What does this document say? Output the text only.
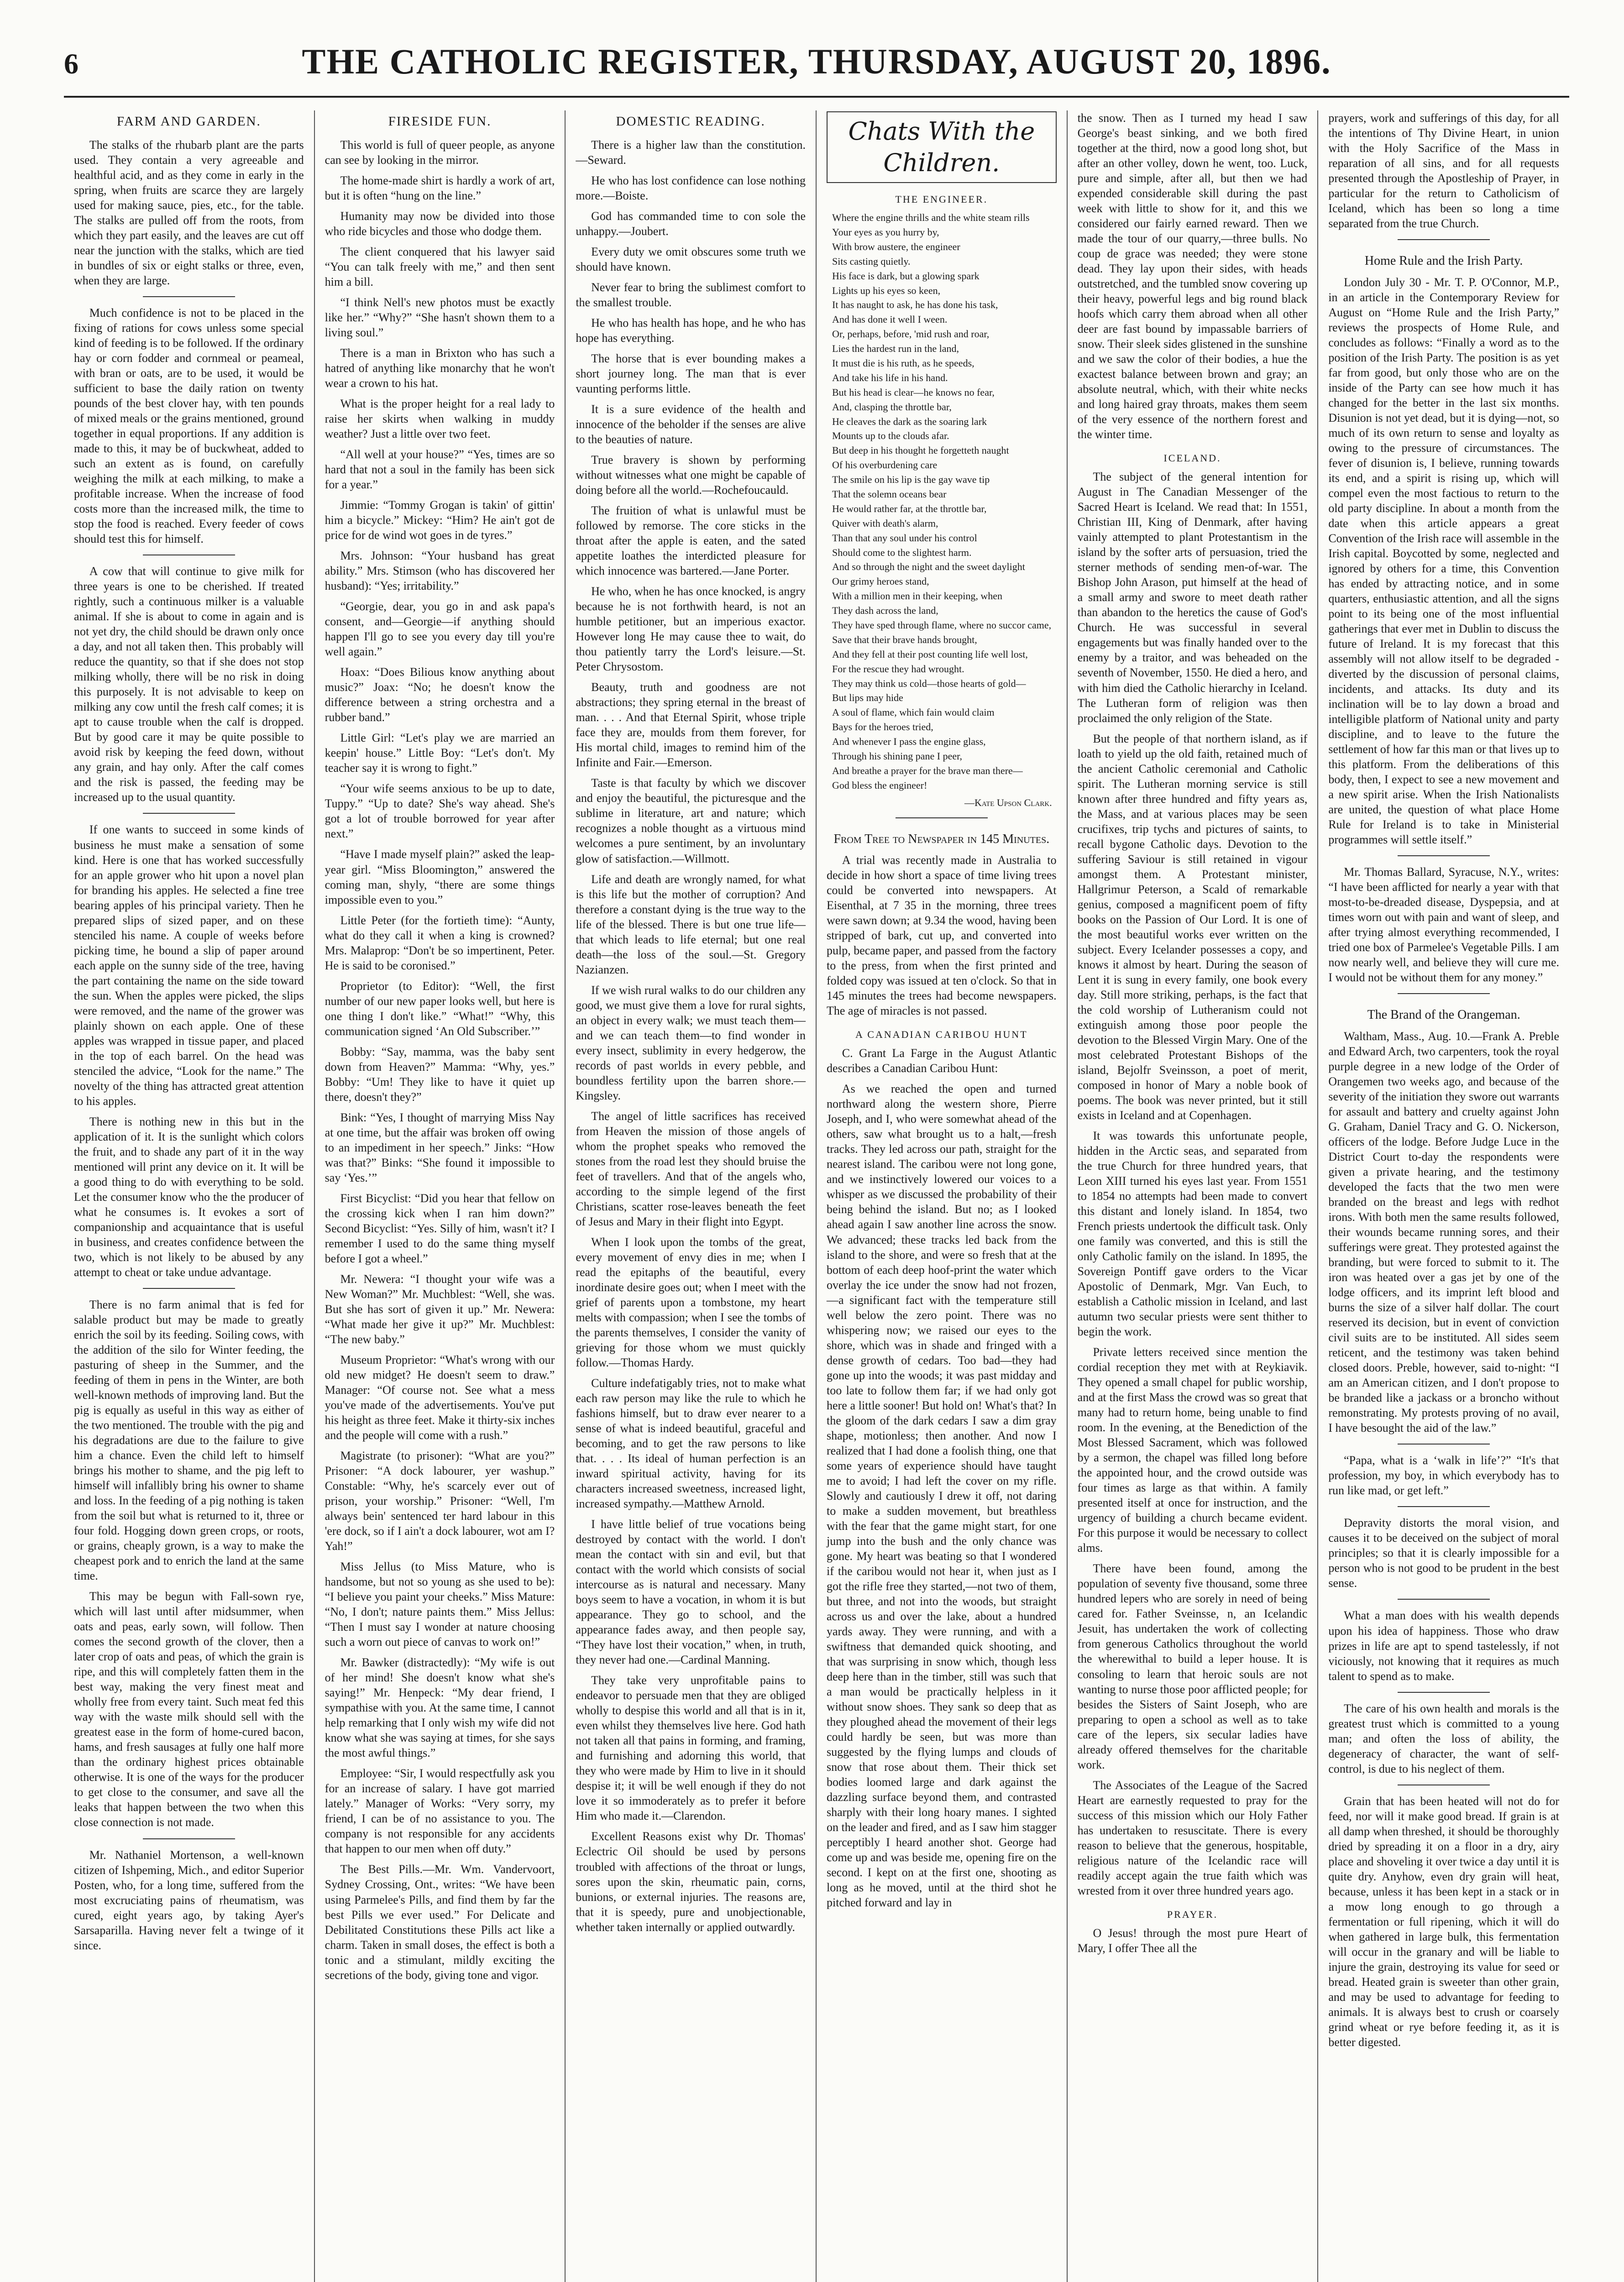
6	THE CATHOLIC REGISTER, THURSDAY, AUGUST 20, 1896.
FARM AND GARDEN.

The stalks of the rhubarb plant are the parts used. They contain a very agreeable and healthful acid, and as they come in early in the spring, when fruits are scarce they are largely used for making sauce, pies, etc., for the table. The stalks are pulled off from the roots, from which they part easily, and the leaves are cut off near the junction with the stalks, which are tied in bundles of six or eight stalks or three, even, when they are large.

Much confidence is not to be placed in the fixing of rations for cows unless some special kind of feeding is to be followed. If the ordinary hay or corn fodder and cornmeal or peameal, with bran or oats, are to be used, it would be sufficient to base the daily ration on twenty pounds of the best clover hay, with ten pounds of mixed meals or the grains mentioned, ground together in equal proportions. If any addition is made to this, it may be of buckwheat, added to such an extent as is found, on carefully weighing the milk at each milking, to make a profitable increase. When the increase of food costs more than the increased milk, the time to stop the food is reached. Every feeder of cows should test this for himself.

A cow that will continue to give milk for three years is one to be cherished. If treated rightly, such a continuous milker is a valuable animal. If she is about to come in again and is not yet dry, the child should be drawn only once a day, and not all taken then. This probably will reduce the quantity, so that if she does not stop milking wholly, there will be no risk in doing this purposely. It is not advisable to keep on milking any cow until the fresh calf comes; it is apt to cause trouble when the calf is dropped. But by good care it may be quite possible to avoid risk by keeping the feed down, without any grain, and hay only. After the calf comes and the risk is passed, the feeding may be increased up to the usual quantity.

If one wants to succeed in some kinds of business he must make a sensation of some kind. Here is one that has worked successfully for an apple grower who hit upon a novel plan for branding his apples. He selected a fine tree bearing apples of his principal variety. Then he prepared slips of sized paper, and on these stenciled his name. A couple of weeks before picking time, he bound a slip of paper around each apple on the sunny side of the tree, having the part containing the name on the side toward the sun. When the apples were picked, the slips were removed, and the name of the grower was plainly shown on each apple. One of these apples was wrapped in tissue paper, and placed in the top of each barrel. On the head was stenciled the advice, “Look for the name.” The novelty of the thing has attracted great attention to his apples.

There is nothing new in this but in the application of it. It is the sunlight which colors the fruit, and to shade any part of it in the way mentioned will print any device on it. It will be a good thing to do with everything to be sold. Let the consumer know who the the producer of what he consumes is. It evokes a sort of companionship and acquaintance that is useful in business, and creates confidence between the two, which is not likely to be abused by any attempt to cheat or take undue advantage.

There is no farm animal that is fed for salable product but may be made to greatly enrich the soil by its feeding. Soiling cows, with the addition of the silo for Winter feeding, the pasturing of sheep in the Summer, and the feeding of them in pens in the Winter, are both well-known methods of improving land. But the pig is equally as useful in this way as either of the two mentioned. The trouble with the pig and his degradations are due to the failure to give him a chance. Even the child left to himself brings his mother to shame, and the pig left to himself will infallibly bring his owner to shame and loss. In the feeding of a pig nothing is taken from the soil but what is returned to it, three or four fold. Hogging down green crops, or roots, or grains, cheaply grown, is a way to make the cheapest pork and to enrich the land at the same time.

This may be begun with Fall-sown rye, which will last until after midsummer, when oats and peas, early sown, will follow. Then comes the second growth of the clover, then a later crop of oats and peas, of which the grain is ripe, and this will completely fatten them in the best way, making the very finest meat and wholly free from every taint. Such meat fed this way with the waste milk should sell with the greatest ease in the form of home-cured bacon, hams, and fresh sausages at fully one half more than the ordinary highest prices obtainable otherwise. It is one of the ways for the producer to get close to the consumer, and save all the leaks that happen between the two when this close connection is not made.

Mr. Nathaniel Mortenson, a well-known citizen of Ishpeming, Mich., and editor Superior Posten, who, for a long time, suffered from the most excruciating pains of rheumatism, was cured, eight years ago, by taking Ayer's Sarsaparilla. Having never felt a twinge of it since.

FIRESIDE FUN.

This world is full of queer people, as anyone can see by looking in the mirror.

The home-made shirt is hardly a work of art, but it is often “hung on the line.”

Humanity may now be divided into those who ride bicycles and those who dodge them.

The client conquered that his lawyer said “You can talk freely with me,” and then sent him a bill.

“I think Nell's new photos must be exactly like her.” “Why?” “She hasn't shown them to a living soul.”

There is a man in Brixton who has such a hatred of anything like monarchy that he won't wear a crown to his hat.

What is the proper height for a real lady to raise her skirts when walking in muddy weather? Just a little over two feet.

“All well at your house?” “Yes, times are so hard that not a soul in the family has been sick for a year.”

Jimmie: “Tommy Grogan is takin' of gittin' him a bicycle.” Mickey: “Him? He ain't got de price for de wind wot goes in de tyres.”

Mrs. Johnson: “Your husband has great ability.” Mrs. Stimson (who has discovered her husband): “Yes; irritability.”

“Georgie, dear, you go in and ask papa's consent, and—Georgie—if anything should happen I'll go to see you every day till you're well again.”

Hoax: “Does Bilious know anything about music?” Joax: “No; he doesn't know the difference between a string orchestra and a rubber band.”

Little Girl: “Let's play we are married an keepin' house.” Little Boy: “Let's don't. My teacher say it is wrong to fight.”

“Your wife seems anxious to be up to date, Tuppy.” “Up to date? She's way ahead. She's got a lot of trouble borrowed for year after next.”

“Have I made myself plain?” asked the leap-year girl. “Miss Bloomington,” answered the coming man, shyly, “there are some things impossible even to you.”

Little Peter (for the fortieth time): “Aunty, what do they call it when a king is crowned? Mrs. Malaprop: “Don't be so impertinent, Peter. He is said to be coronised.”

Proprietor (to Editor): “Well, the first number of our new paper looks well, but here is one thing I don't like.” “What!” “Why, this communication signed ‘An Old Subscriber.’”

Bobby: “Say, mamma, was the baby sent down from Heaven?” Mamma: “Why, yes.” Bobby: “Um! They like to have it quiet up there, doesn't they?”

Bink: “Yes, I thought of marrying Miss Nay at one time, but the affair was broken off owing to an impediment in her speech.” Jinks: “How was that?” Binks: “She found it impossible to say ‘Yes.’”

First Bicyclist: “Did you hear that fellow on the crossing kick when I ran him down?” Second Bicyclist: “Yes. Silly of him, wasn't it? I remember I used to do the same thing myself before I got a wheel.”

Mr. Newera: “I thought your wife was a New Woman?” Mr. Muchblest: “Well, she was. But she has sort of given it up.” Mr. Newera: “What made her give it up?” Mr. Muchblest: “The new baby.”

Museum Proprietor: “What's wrong with our old new midget? He doesn't seem to draw.” Manager: “Of course not. See what a mess you've made of the advertisements. You've put his height as three feet. Make it thirty-six inches and the people will come with a rush.”

Magistrate (to prisoner): “What are you?” Prisoner: “A dock labourer, yer washup.” Constable: “Why, he's scarcely ever out of prison, your worship.” Prisoner: “Well, I'm always bein' sentenced ter hard labour in this 'ere dock, so if I ain't a dock labourer, wot am I? Yah!”

Miss Jellus (to Miss Mature, who is handsome, but not so young as she used to be): “I believe you paint your cheeks.” Miss Mature: “No, I don't; nature paints them.” Miss Jellus: “Then I must say I wonder at nature choosing such a worn out piece of canvas to work on!”

Mr. Bawker (distractedly): “My wife is out of her mind! She doesn't know what she's saying!” Mr. Henpeck: “My dear friend, I sympathise with you. At the same time, I cannot help remarking that I only wish my wife did not know what she was saying at times, for she says the most awful things.”

Employee: “Sir, I would respectfully ask you for an increase of salary. I have got married lately.” Manager of Works: “Very sorry, my friend, I can be of no assistance to you. The company is not responsible for any accidents that happen to our men when off duty.”

The Best Pills.—Mr. Wm. Vandervoort, Sydney Crossing, Ont., writes: “We have been using Parmelee's Pills, and find them by far the best Pills we ever used.” For Delicate and Debilitated Constitutions these Pills act like a charm. Taken in small doses, the effect is both a tonic and a stimulant, mildly exciting the secretions of the body, giving tone and vigor.

DOMESTIC READING.

There is a higher law than the constitution.—Seward.

He who has lost confidence can lose nothing more.—Boiste.

God has commanded time to con sole the unhappy.—Joubert.

Every duty we omit obscures some truth we should have known.

Never fear to bring the sublimest comfort to the smallest trouble.

He who has health has hope, and he who has hope has everything.

The horse that is ever bounding makes a short journey long. The man that is ever vaunting performs little.

It is a sure evidence of the health and innocence of the beholder if the senses are alive to the beauties of nature.

True bravery is shown by performing without witnesses what one might be capable of doing before all the world.—Rochefoucauld.

The fruition of what is unlawful must be followed by remorse. The core sticks in the throat after the apple is eaten, and the sated appetite loathes the interdicted pleasure for which innocence was bartered.—Jane Porter.

He who, when he has once knocked, is angry because he is not forthwith heard, is not an humble petitioner, but an imperious exactor. However long He may cause thee to wait, do thou patiently tarry the Lord's leisure.—St. Peter Chrysostom.

Beauty, truth and goodness are not abstractions; they spring eternal in the breast of man. . . . And that Eternal Spirit, whose triple face they are, moulds from them forever, for His mortal child, images to remind him of the Infinite and Fair.—Emerson.

Taste is that faculty by which we discover and enjoy the beautiful, the picturesque and the sublime in literature, art and nature; which recognizes a noble thought as a virtuous mind welcomes a pure sentiment, by an involuntary glow of satisfaction.—Willmott.

Life and death are wrongly named, for what is this life but the mother of corruption? And therefore a constant dying is the true way to the life of the blessed. There is but one true life—that which leads to life eternal; but one real death—the loss of the soul.—St. Gregory Nazianzen.

If we wish rural walks to do our children any good, we must give them a love for rural sights, an object in every walk; we must teach them—and we can teach them—to find wonder in every insect, sublimity in every hedgerow, the records of past worlds in every pebble, and boundless fertility upon the barren shore.—Kingsley.

The angel of little sacrifices has received from Heaven the mission of those angels of whom the prophet speaks who removed the stones from the road lest they should bruise the feet of travellers. And that of the angels who, according to the simple legend of the first Christians, scatter rose-leaves beneath the feet of Jesus and Mary in their flight into Egypt.

When I look upon the tombs of the great, every movement of envy dies in me; when I read the epitaphs of the beautiful, every inordinate desire goes out; when I meet with the grief of parents upon a tombstone, my heart melts with compassion; when I see the tombs of the parents themselves, I consider the vanity of grieving for those whom we must quickly follow.—Thomas Hardy.

Culture indefatigably tries, not to make what each raw person may like the rule to which he fashions himself, but to draw ever nearer to a sense of what is indeed beautiful, graceful and becoming, and to get the raw persons to like that. . . . Its ideal of human perfection is an inward spiritual activity, having for its characters increased sweetness, increased light, increased sympathy.—Matthew Arnold.

I have little belief of true vocations being destroyed by contact with the world. I don't mean the contact with sin and evil, but that contact with the world which consists of social intercourse as is natural and necessary. Many boys seem to have a vocation, in whom it is but appearance. They go to school, and the appearance fades away, and then people say, “They have lost their vocation,” when, in truth, they never had one.—Cardinal Manning.

They take very unprofitable pains to endeavor to persuade men that they are obliged wholly to despise this world and all that is in it, even whilst they themselves live here. God hath not taken all that pains in forming, and framing, and furnishing and adorning this world, that they who were made by Him to live in it should despise it; it will be well enough if they do not love it so immoderately as to prefer it before Him who made it.—Clarendon.

Excellent Reasons exist why Dr. Thomas' Eclectric Oil should be used by persons troubled with affections of the throat or lungs, sores upon the skin, rheumatic pain, corns, bunions, or external injuries. The reasons are, that it is speedy, pure and unobjectionable, whether taken internally or applied outwardly.

Chats With the Children.
THE ENGINEER.
Where the engine thrills and the white steam rills
Your eyes as you hurry by,
With brow austere, the engineer
Sits casting quietly.
His face is dark, but a glowing spark
Lights up his eyes so keen,
It has naught to ask, he has done his task,
And has done it well I ween.
Or, perhaps, before, 'mid rush and roar,
Lies the hardest run in the land,
It must die is his ruth, as he speeds,
And take his life in his hand.
But his head is clear—he knows no fear,
And, clasping the throttle bar,
He cleaves the dark as the soaring lark
Mounts up to the clouds afar.
But deep in his thought he forgetteth naught
Of his overburdening care
The smile on his lip is the gay wave tip
That the solemn oceans bear
He would rather far, at the throttle bar,
Quiver with death's alarm,
Than that any soul under his control
Should come to the slightest harm.
And so through the night and the sweet daylight
Our grimy heroes stand,
With a million men in their keeping, when
They dash across the land,
They have sped through flame, where no succor came,
Save that their brave hands brought,
And they fell at their post counting life well lost,
For the rescue they had wrought.
They may think us cold—those hearts of gold—
But lips may hide
A soul of flame, which fain would claim
Bays for the heroes tried,
And whenever I pass the engine glass,
Through his shining pane I peer,
And breathe a prayer for the brave man there—
God bless the engineer!
—Kate Upson Clark.
From Tree to Newspaper in 145 Minutes.

A trial was recently made in Australia to decide in how short a space of time living trees could be converted into newspapers. At Eisenthal, at 7 35 in the morning, three trees were sawn down; at 9.34 the wood, having been stripped of bark, cut up, and converted into pulp, became paper, and passed from the factory to the press, from when the first printed and folded copy was issued at ten o'clock. So that in 145 minutes the trees had become newspapers. The age of miracles is not passed.

A CANADIAN CARIBOU HUNT

C. Grant La Farge in the August Atlantic describes a Canadian Caribou Hunt:

As we reached the open and turned northward along the western shore, Pierre Joseph, and I, who were somewhat ahead of the others, saw what brought us to a halt,—fresh tracks. They led across our path, straight for the nearest island. The caribou were not long gone, and we instinctively lowered our voices to a whisper as we discussed the probability of their being behind the island. But no; as I looked ahead again I saw another line across the snow. We advanced; these tracks led back from the island to the shore, and were so fresh that at the bottom of each deep hoof-print the water which overlay the ice under the snow had not frozen,—a significant fact with the temperature still well below the zero point. There was no whispering now; we raised our eyes to the shore, which was in shade and fringed with a dense growth of cedars. Too bad—they had gone up into the woods; it was past midday and too late to follow them far; if we had only got here a little sooner! But hold on! What's that? In the gloom of the dark cedars I saw a dim gray shape, motionless; then another. And now I realized that I had done a foolish thing, one that some years of experience should have taught me to avoid; I had left the cover on my rifle. Slowly and cautiously I drew it off, not daring to make a sudden movement, but breathless with the fear that the game might start, for one jump into the bush and the only chance was gone. My heart was beating so that I wondered if the caribou would not hear it, when just as I got the rifle free they started,—not two of them, but three, and not into the woods, but straight across us and over the lake, about a hundred yards away. They were running, and with a swiftness that demanded quick shooting, and that was surprising in snow which, though less deep here than in the timber, still was such that a man would be practically helpless in it without snow shoes. They sank so deep that as they ploughed ahead the movement of their legs could hardly be seen, but was more than suggested by the flying lumps and clouds of snow that rose about them. Their thick set bodies loomed large and dark against the dazzling surface beyond them, and contrasted sharply with their long hoary manes. I sighted on the leader and fired, and as I saw him stagger perceptibly I heard another shot. George had come up and was beside me, opening fire on the second. I kept on at the first one, shooting as long as he moved, until at the third shot he pitched forward and lay in

the snow. Then as I turned my head I saw George's beast sinking, and we both fired together at the third, now a good long shot, but after an other volley, down he went, too. Luck, pure and simple, after all, but then we had expended considerable skill during the past week with little to show for it, and this we considered our fairly earned reward. Then we made the tour of our quarry,—three bulls. No coup de grace was needed; they were stone dead. They lay upon their sides, with heads outstretched, and the tumbled snow covering up their heavy, powerful legs and big round black hoofs which carry them abroad when all other deer are fast bound by impassable barriers of snow. Their sleek sides glistened in the sunshine and we saw the color of their bodies, a hue the exactest balance between brown and gray; an absolute neutral, which, with their white necks and long haired gray throats, makes them seem of the very essence of the northern forest and the winter time.

ICELAND.

The subject of the general intention for August in The Canadian Messenger of the Sacred Heart is Iceland. We read that: In 1551, Christian III, King of Denmark, after having vainly attempted to plant Protestantism in the island by the softer arts of persuasion, tried the sterner methods of sending men-of-war. The Bishop John Arason, put himself at the head of a small army and swore to meet death rather than abandon to the heretics the cause of God's Church. He was successful in several engagements but was finally handed over to the enemy by a traitor, and was beheaded on the seventh of November, 1550. He died a hero, and with him died the Catholic hierarchy in Iceland. The Lutheran form of religion was then proclaimed the only religion of the State.

But the people of that northern island, as if loath to yield up the old faith, retained much of the ancient Catholic ceremonial and Catholic spirit. The Lutheran morning service is still known after three hundred and fifty years as, the Mass, and at various places may be seen crucifixes, trip tychs and pictures of saints, to recall bygone Catholic days. Devotion to the suffering Saviour is still retained in vigour amongst them. A Protestant minister, Hallgrimur Peterson, a Scald of remarkable genius, composed a magnificent poem of fifty books on the Passion of Our Lord. It is one of the most beautiful works ever written on the subject. Every Icelander possesses a copy, and knows it almost by heart. During the season of Lent it is sung in every family, one book every day. Still more striking, perhaps, is the fact that the cold worship of Lutheranism could not extinguish among those poor people the devotion to the Blessed Virgin Mary. One of the most celebrated Protestant Bishops of the island, Bejolfr Sveinsson, a poet of merit, composed in honor of Mary a noble book of poems. The book was never printed, but it still exists in Iceland and at Copenhagen.

It was towards this unfortunate people, hidden in the Arctic seas, and separated from the true Church for three hundred years, that Leon XIII turned his eyes last year. From 1551 to 1854 no attempts had been made to convert this distant and lonely island. In 1854, two French priests undertook the difficult task. Only one family was converted, and this is still the only Catholic family on the island. In 1895, the Sovereign Pontiff gave orders to the Vicar Apostolic of Denmark, Mgr. Van Euch, to establish a Catholic mission in Iceland, and last autumn two secular priests were sent thither to begin the work.

Private letters received since mention the cordial reception they met with at Reykiavik. They opened a small chapel for public worship, and at the first Mass the crowd was so great that many had to return home, being unable to find room. In the evening, at the Benediction of the Most Blessed Sacrament, which was followed by a sermon, the chapel was filled long before the appointed hour, and the crowd outside was four times as large as that within. A family presented itself at once for instruction, and the urgency of building a church became evident. For this purpose it would be necessary to collect alms.

There have been found, among the population of seventy five thousand, some three hundred lepers who are sorely in need of being cared for. Father Sveinsse, n, an Icelandic Jesuit, has undertaken the work of collecting from generous Catholics throughout the world the wherewithal to build a leper house. It is consoling to learn that heroic souls are not wanting to nurse those poor afflicted people; for besides the Sisters of Saint Joseph, who are preparing to open a school as well as to take care of the lepers, six secular ladies have already offered themselves for the charitable work.

The Associates of the League of the Sacred Heart are earnestly requested to pray for the success of this mission which our Holy Father has undertaken to resuscitate. There is every reason to believe that the generous, hospitable, religious nature of the Icelandic race will readily accept again the true faith which was wrested from it over three hundred years ago.

PRAYER.

O Jesus! through the most pure Heart of Mary, I offer Thee all the

prayers, work and sufferings of this day, for all the intentions of Thy Divine Heart, in union with the Holy Sacrifice of the Mass in reparation of all sins, and for all requests presented through the Apostleship of Prayer, in particular for the return to Catholicism of Iceland, which has been so long a time separated from the true Church.

Home Rule and the Irish Party.

London July 30 - Mr. T. P. O'Connor, M.P., in an article in the Contemporary Review for August on “Home Rule and the Irish Party,” reviews the prospects of Home Rule, and concludes as follows: “Finally a word as to the position of the Irish Party. The position is as yet far from good, but only those who are on the inside of the Party can see how much it has changed for the better in the last six months. Disunion is not yet dead, but it is dying—not, so much of its own return to sense and loyalty as owing to the pressure of circumstances. The fever of disunion is, I believe, running towards its end, and a spirit is rising up, which will compel even the most factious to return to the old party discipline. In about a month from the date when this article appears a great Convention of the Irish race will assemble in the Irish capital. Boycotted by some, neglected and ignored by others for a time, this Convention has ended by attracting notice, and in some quarters, enthusiastic attention, and all the signs point to its being one of the most influential gatherings that ever met in Dublin to discuss the future of Ireland. It is my forecast that this assembly will not allow itself to be degraded - diverted by the discussion of personal claims, incidents, and attacks. Its duty and its inclination will be to lay down a broad and intelligible platform of National unity and party discipline, and to leave to the future the settlement of how far this man or that lives up to this platform. From the deliberations of this body, then, I expect to see a new movement and a new spirit arise. When the Irish Nationalists are united, the question of what place Home Rule for Ireland is to take in Ministerial programmes will settle itself.”

Mr. Thomas Ballard, Syracuse, N.Y., writes: “I have been afflicted for nearly a year with that most-to-be-dreaded disease, Dyspepsia, and at times worn out with pain and want of sleep, and after trying almost everything recommended, I tried one box of Parmelee's Vegetable Pills. I am now nearly well, and believe they will cure me. I would not be without them for any money.”

The Brand of the Orangeman.

Waltham, Mass., Aug. 10.—Frank A. Preble and Edward Arch, two carpenters, took the royal purple degree in a new lodge of the Order of Orangemen two weeks ago, and because of the severity of the initiation they swore out warrants for assault and battery and cruelty against John G. Graham, Daniel Tracy and G. O. Nickerson, officers of the lodge. Before Judge Luce in the District Court to-day the respondents were given a private hearing, and the testimony developed the facts that the two men were branded on the breast and legs with redhot irons. With both men the same results followed, their wounds became running sores, and their sufferings were great. They protested against the branding, but were forced to submit to it. The iron was heated over a gas jet by one of the lodge officers, and its imprint left blood and burns the size of a silver half dollar. The court reserved its decision, but in event of conviction civil suits are to be instituted. All sides seem reticent, and the testimony was taken behind closed doors. Preble, however, said to-night: “I am an American citizen, and I don't propose to be branded like a jackass or a broncho without remonstrating. My protests proving of no avail, I have besought the aid of the law.”

“Papa, what is a ‘walk in life’?” “It's that profession, my boy, in which everybody has to run like mad, or get left.”

Depravity distorts the moral vision, and causes it to be deceived on the subject of moral principles; so that it is clearly impossible for a person who is not good to be prudent in the best sense.

What a man does with his wealth depends upon his idea of happiness. Those who draw prizes in life are apt to spend tastelessly, if not viciously, not knowing that it requires as much talent to spend as to make.

The care of his own health and morals is the greatest trust which is committed to a young man; and often the loss of ability, the degeneracy of character, the want of self-control, is due to his neglect of them.

Grain that has been heated will not do for feed, nor will it make good bread. If grain is at all damp when threshed, it should be thoroughly dried by spreading it on a floor in a dry, airy place and shoveling it over twice a day until it is quite dry. Anyhow, even dry grain will heat, because, unless it has been kept in a stack or in a mow long enough to go through a fermentation or full ripening, which it will do when gathered in large bulk, this fermentation will occur in the granary and will be liable to injure the grain, destroying its value for seed or bread. Heated grain is sweeter than other grain, and may be used to advantage for feeding to animals. It is always best to crush or coarsely grind wheat or rye before feeding it, as it is better digested.
